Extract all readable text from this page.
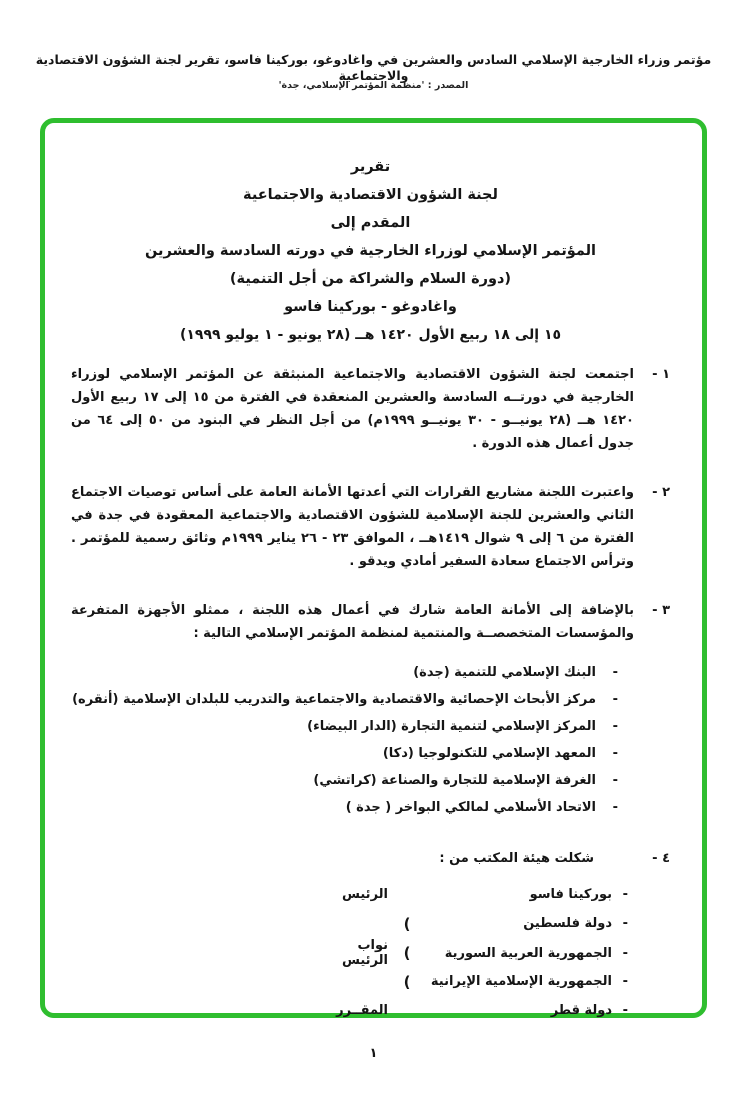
مؤتمر وزراء الخارجية الإسلامي السادس والعشرين في واغادوغو، بوركينا فاسو، تقرير لجنة الشؤون الاقتصادية والاجتماعية
المصدر : 'منظمة المؤتمر الإسلامي، جدة'
تقرير
لجنة الشؤون الاقتصادية والاجتماعية
المقدم إلى
المؤتمر الإسلامي لوزراء الخارجية في دورته السادسة والعشرين
(دورة السلام والشراكة من أجل التنمية)
واغادوغو - بوركينا فاسو
١٥ إلى ١٨ ربيع الأول ١٤٢٠ هــ (٢٨ يونيو - ١ يوليو ١٩٩٩)
١ -
اجتمعت لجنة الشؤون الاقتصادية والاجتماعية المنبثقة عن المؤتمر الإسلامي لوزراء الخارجية في دورتــه السادسة والعشرين المنعقدة في الفترة من ١٥ إلى ١٧ ربيع الأول ١٤٢٠ هــ (٢٨ يونيــو - ٣٠ يونيــو ١٩٩٩م) من أجل النظر في البنود من ٥٠ إلى ٦٤ من جدول أعمال هذه الدورة .
٢ -
واعتبرت اللجنة مشاريع القرارات التي أعدتها الأمانة العامة على أساس توصيات الاجتماع الثاني والعشرين للجنة الإسلامية للشؤون الاقتصادية والاجتماعية المعقودة في جدة في الفترة من ٦ إلى ٩ شوال ١٤١٩هــ ، الموافق ٢٣ - ٢٦ يناير ١٩٩٩م وثائق رسمية للمؤتمر . وترأس الاجتماع سعادة السفير أمادي ويدقو .
٣ -
بالإضافة إلى الأمانة العامة شارك في أعمال هذه اللجنة ، ممثلو الأجهزة المتفرعة والمؤسسات المتخصصــة والمنتمية لمنظمة المؤتمر الإسلامي التالية :
-
البنك الإسلامي للتنمية (جدة)
-
مركز الأبحاث الإحصائية والاقتصادية والاجتماعية والتدريب للبلدان الإسلامية (أنقره)
-
المركز الإسلامي لتنمية التجارة (الدار البيضاء)
-
المعهد الإسلامي للتكنولوجيا (دكا)
-
الغرفة الإسلامية للتجارة والصناعة (كراتشي)
-
الاتحاد الأسلامي لمالكي البواخر ( جدة )
٤ -
شكلت هيئة المكتب من :
-
بوركينا فاسو
الرئيس
-
دولة فلسطين
(
-
الجمهورية العربية السورية
(
نواب الرئيس
-
الجمهورية الإسلامية الإيرانية
(
-
دولة قطر
المقــرر
١
